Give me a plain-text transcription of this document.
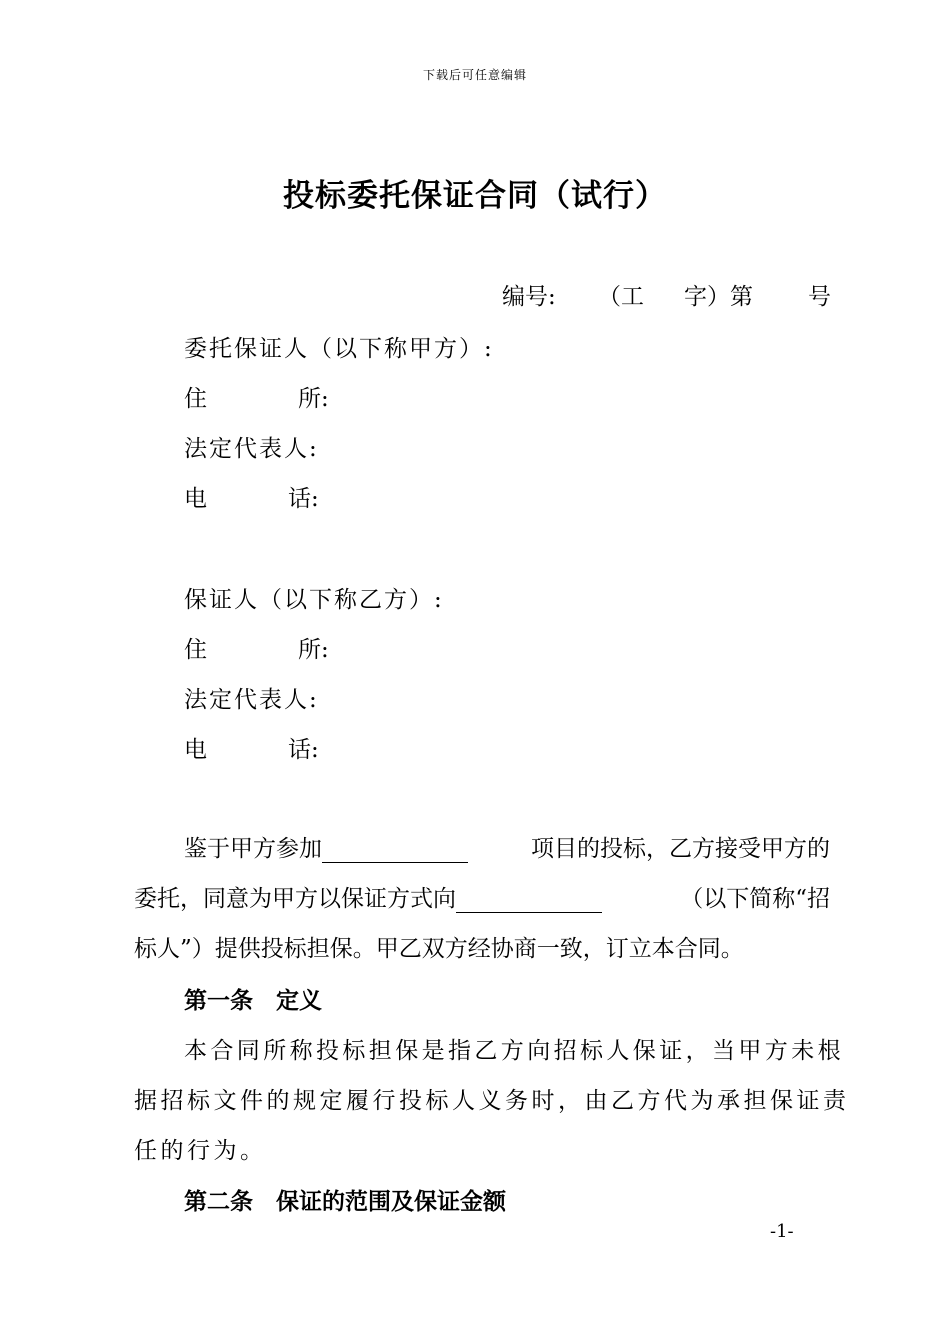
下载后可任意编辑
投标委托保证合同（试行）
编号: （工 字）第 号
委托保证人（以下称甲方）:
住	所:
法定代表人:
电	话:
保证人（以下称乙方）:
住	所:
法定代表人:
电	话:
鉴于甲方参加	项目的投标，乙方接受甲方的
委托，同意为甲方以保证方式向	（以下简称“招
标人”）提供投标担保。甲乙双方经协商一致，订立本合同。
第一条　定义
本合同所称投标担保是指乙方向招标人保证，当甲方未根
据招标文件的规定履行投标人义务时，由乙方代为承担保证责
任的行为。
第二条　保证的范围及保证金额
-1-
